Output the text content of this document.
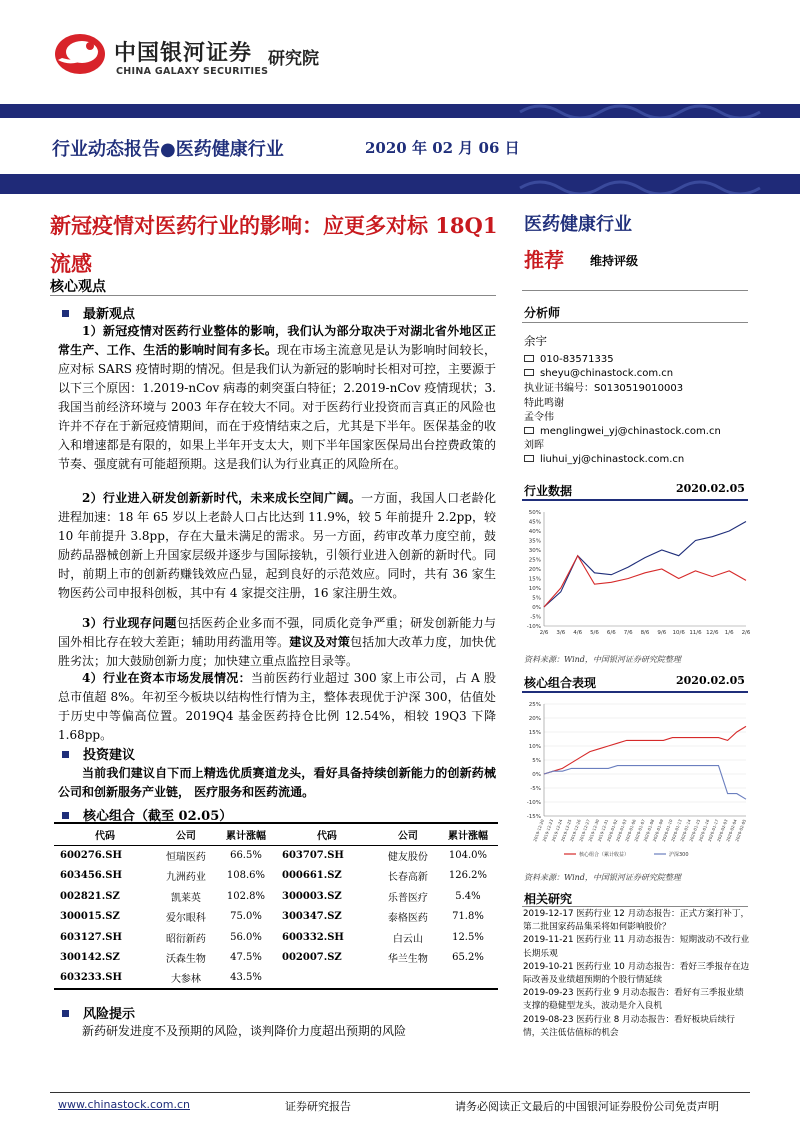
中国银河证券 研究院
CHINA GALAXY SECURITIES
行业动态报告●医药健康行业	2020 年 02 月 06 日
新冠疫情对医药行业的影响：应更多对标 18Q1 流感
医药健康行业
推荐 维持评级
核心观点
最新观点
1）新冠疫情对医药行业整体的影响，我们认为部分取决于对湖北省外地区正常生产、工作、生活的影响时间有多长。现在市场主流意见是认为影响时间较长，应对标 SARS 疫情时期的情况。但是我们认为新冠的影响时长相对可控，主要源于以下三个原因：1.2019-nCov 病毒的刺突蛋白特征；2.2019-nCov 疫情现状；3.我国当前经济环境与 2003 年存在较大不同。对于医药行业投资而言真正的风险也许并不存在于新冠疫情期间，而在于疫情结束之后，尤其是下半年。医保基金的收入和增速都是有限的，如果上半年开支太大，则下半年国家医保局出台控费政策的节奏、强度就有可能超预期。这是我们认为行业真正的风险所在。
2）行业进入研发创新新时代，未来成长空间广阔。一方面，我国人口老龄化进程加速：18 年 65 岁以上老龄人口占比达到 11.9%，较 5 年前提升 2.2pp，较 10 年前提升 3.8pp，存在大量未满足的需求。另一方面，药审改革力度空前，鼓励药品器械创新上升国家层级并逐步与国际接轨，引领行业进入创新的新时代。同时，前期上市的创新药赚钱效应凸显，起到良好的示范效应。同时，共有 36 家生物医药公司申报科创板，其中有 4 家提交注册，16 家注册生效。
3）行业现存问题包括医药企业多而不强，同质化竞争严重；研发创新能力与国外相比存在较大差距；辅助用药滥用等。建议及对策包括加大改革力度，加快优胜劣汰；加大鼓励创新力度；加快建立重点监控目录等。
4）行业在资本市场发展情况：当前医药行业超过 300 家上市公司，占 A 股总市值超 8%。年初至今板块以结构性行情为主，整体表现优于沪深 300，估值处于历史中等偏高位置。2019Q4 基金医药持仓比例 12.54%，相较 19Q3 下降 1.68pp。
投资建议
当前我们建议自下而上精选优质赛道龙头，看好具备持续创新能力的创新药械公司和创新服务产业链， 医疗服务和医药流通。
核心组合（截至 02.05）
代码	公司	累计涨幅	代码	公司	累计涨幅
600276.SH	恒瑞医药	66.5%	603707.SH	健友股份	104.0%
603456.SH	九洲药业	108.6%	000661.SZ	长春高新	126.2%
002821.SZ	凯莱英	102.8%	300003.SZ	乐普医疗	5.4%
300015.SZ	爱尔眼科	75.0%	300347.SZ	泰格医药	71.8%
603127.SH	昭衍新药	56.0%	600332.SH	白云山	12.5%
300142.SZ	沃森生物	47.5%	002007.SZ	华兰生物	65.2%
603233.SH	大参林	43.5%			
风险提示
新药研发进度不及预期的风险，谈判降价力度超出预期的风险
分析师
余宇
010-83571335
sheyu@chinastock.com.cn
执业证书编号：S0130519010003
特此鸣谢
孟令伟
menglingwei_yj@chinastock.com.cn
刘晖
liuhui_yj@chinastock.com.cn
行业数据	2020.02.05
-10%
-5%
0%
5%
10%
15%
20%
25%
30%
35%
40%
45%
50%
2/6 3/6 4/6 5/6 6/6 7/6 8/6 9/6 10/6 11/6 12/6 1/6 2/6
资料来源：Wind，中国银河证券研究院整理
核心组合表现	2020.02.05
-15%
-10%
-5%
0%
5%
10%
15%
20%
25%
2019-12-20
2019-12-23
2019-12-24
2019-12-25
2019-12-26
2019-12-27
2019-12-30
2019-12-31
2020-01-02
2020-01-03
2020-01-06
2020-01-07
2020-01-08
2020-01-09
2020-01-10
2020-01-13
2020-01-14
2020-01-15
2020-01-16
2020-01-17
2020-02-03
2020-02-04
2020-02-05
核心组合（累计收益）	沪深300
资料来源：Wind，中国银河证券研究院整理
相关研究
2019-12-17 医药行业 12 月动态报告：正式方案打补丁，第二批国家药品集采将如何影响股价？
2019-11-21 医药行业 11 月动态报告：短期波动不改行业长期乐观
2019-10-21 医药行业 10 月动态报告：看好三季报存在边际改善及业绩超预期的个股行情延续
2019-09-23 医药行业 9 月动态报告：看好有三季报业绩支撑的稳健型龙头，波动是介入良机
2019-08-23 医药行业 8 月动态报告：看好板块后续行情，关注低估值标的机会
www.chinastock.com.cn	证券研究报告	请务必阅读正文最后的中国银河证券股份公司免责声明
